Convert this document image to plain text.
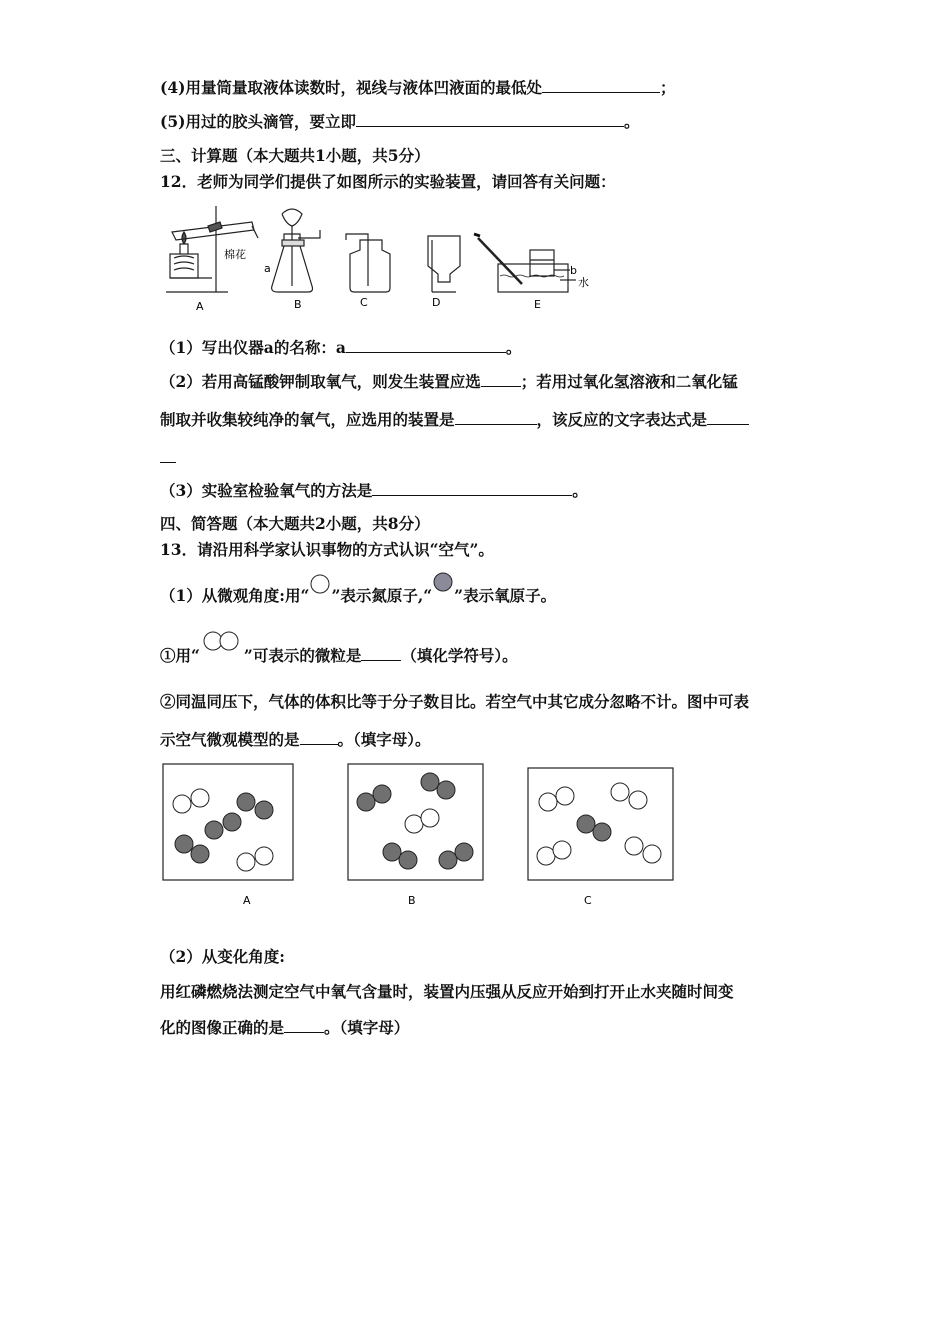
(4)用量筒量取液体读数时，视线与液体凹液面的最低处	；
(5)用过的胶头滴管，要立即	。
三、计算题（本大题共1小题，共5分）
12．老师为同学们提供了如图所示的实验装置，请回答有关问题：
棉花
a	b
水
A	B	C	D	E
（1）写出仪器a的名称：a	。
（2）若用高锰酸钾制取氧气，则发生装置应选	；若用过氧化氢溶液和二氧化锰
制取并收集较纯净的氧气，应选用的装置是	，该反应的文字表达式是
（3）实验室检验氧气的方法是	。
四、简答题（本大题共2小题，共8分）
13．请沿用科学家认识事物的方式认识“空气”。
（1）从微观角度:用“ ”表示氮原子,“ ”表示氧原子。
①用“	”可表示的微粒是	（填化学符号）。
②同温同压下，气体的体积比等于分子数目比。若空气中其它成分忽略不计。图中可表
示空气微观模型的是 。（填字母）。
A	B	C
（2）从变化角度:
用红磷燃烧法测定空气中氧气含量时，装置内压强从反应开始到打开止水夹随时间变
化的图像正确的是	。（填字母）
